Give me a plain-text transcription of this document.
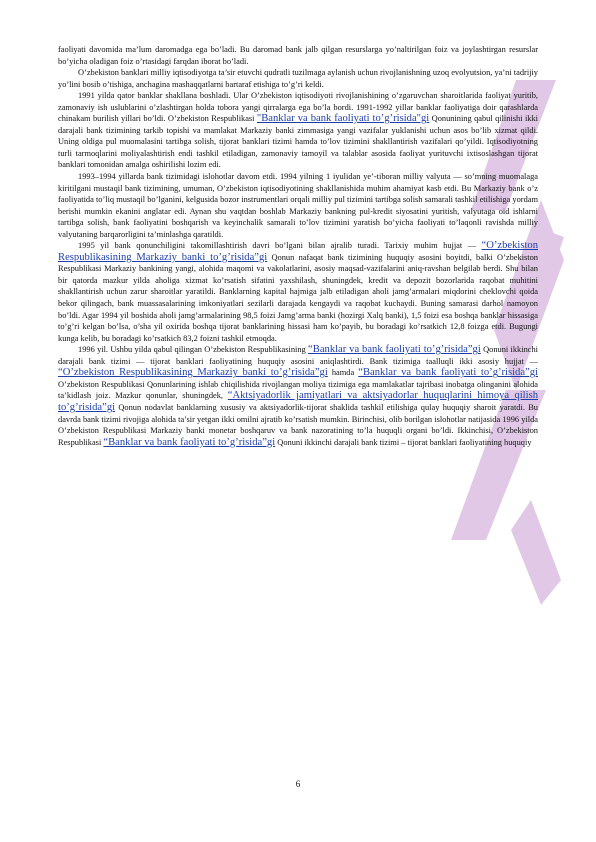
faoliyati davomida ma’lum daromadga ega bo’ladi. Bu daromad bank jalb qilgan resurslarga yo’naltirilgan foiz va joylashtirgan resurslar bo’yicha oladigan foiz o’rtasidagi farqdan iborat bo’ladi.

O’zbekiston banklari milliy iqtisodiyotga ta’sir etuvchi qudratli tuzilmaga aylanish uchun rivojlanishning uzoq evolyutsion, ya’ni tadrijiy yo’lini bosib o’tishiga, anchagina mashaqqatlarni bartaraf etishiga to’g’ri keldi.

1991 yilda qator banklar shakllana boshladi. Ular O’zbekiston iqtisodiyoti rivojlanishining o’zgaruvchan sharoitlarida faoliyat yuritib, zamonaviy ish uslublarini o’zlashtirgan holda tobora yangi qirralarga ega bo’la bordi. 1991-1992 yillar banklar faoliyatiga doir qarashlarda chinakam burilish yillari bo’ldi. O’zbekiston Respublikasi "Banklar va bank faoliyati to’g’risida"gi Qonunining qabul qilinishi ikki darajali bank tizimining tarkib topishi va mamlakat Markaziy banki zimmasiga yangi vazifalar yuklanishi uchun asos bo’lib xizmat qildi. Uning oldiga pul muomalasini tartibga solish, tijorat banklari tizimi hamda to’lov tizimini shakllantirish vazifalari qo’yildi. Iqtisodiyotning turli tarmoqlarini moliyalashtirish endi tashkil etiladigan, zamonaviy tamoyil va talablar asosida faoliyat yurituvchi ixtisoslashgan tijorat banklari tomonidan amalga oshirilishi lozim edi.

1993–1994 yillarda bank tizimidagi islohotlar davom etdi. 1994 yilning 1 iyulidan ye’-tiboran milliy valyuta — so’mning muomalaga kiritilgani mustaqil bank tizimining, umuman, O’zbekiston iqtisodiyotining shakllanishida muhim ahamiyat kasb etdi. Bu Markaziy bank o’z faoliyatida to’liq mustaqil bo’lganini, kelgusida bozor instrumentlari orqali milliy pul tizimini tartibga solish samarali tashkil etilishiga yordam berishi mumkin ekanini anglatar edi. Aynan shu vaqtdan boshlab Markaziy bankning pul-kredit siyosatini yuritish, valyutaga oid ishlarni tartibga solish, bank faoliyatini boshqarish va keyinchalik samarali to’lov tizimini yaratish bo’yicha faoliyati to’laqonli ravishda milliy valyutaning barqarorligini ta’minlashga qaratildi.

1995 yil bank qonunchiligini takomillashtirish davri bo’lgani bilan ajralib turadi. Tarixiy muhim hujjat — “O’zbekiston Respublikasining Markaziy banki to’g’risida”gi Qonun nafaqat bank tizimining huquqiy asosini boyitdi, balki O’zbekiston Respublikasi Markaziy bankining yangi, alohida maqomi va vakolatlarini, asosiy maqsad-vazifalarini aniq-ravshan belgilab berdi. Shu bilan bir qatorda mazkur yilda aholiga xizmat ko’rsatish sifatini yaxshilash, shuningdek, kredit va depozit bozorlarida raqobat muhitini shakllantirish uchun zarur sharoitlar yaratildi. Banklarning kapital hajmiga jalb etiladigan aholi jamg’armalari miqdorini cheklovchi qoida bekor qilingach, bank muassasalarining imkoniyatlari sezilarli darajada kengaydi va raqobat kuchaydi. Buning samarasi darhol namoyon bo’ldi. Agar 1994 yil boshida aholi jamg’armalarining 98,5 foizi Jamg’arma banki (hozirgi Xalq banki), 1,5 foizi esa boshqa banklar hissasiga to’g’ri kelgan bo’lsa, o’sha yil oxirida boshqa tijorat banklarining hissasi ham ko’payib, bu boradagi ko’rsatkich 12,8 foizga etdi. Bugungi kunga kelib, bu boradagi ko’rsatkich 83,2 foizni tashkil etmoqda.

1996 yil. Ushbu yilda qabul qilingan O’zbekiston Respublikasining “Banklar va bank faoliyati to’g’risida”gi Qonuni ikkinchi darajali bank tizimi — tijorat banklari faoliyatining huquqiy asosini aniqlashtirdi. Bank tizimiga taalluqli ikki asosiy hujjat — “O’zbekiston Respublikasining Markaziy banki to’g’risida”gi hamda “Banklar va bank faoliyati to’g’risida”gi O’zbekiston Respublikasi Qonunlarining ishlab chiqilishida rivojlangan moliya tizimiga ega mamlakatlar tajribasi inobatga olinganini alohida ta’kidlash joiz. Mazkur qonunlar, shuningdek, “Aktsiyadorlik jamiyatlari va aktsiyadorlar huquqlarini himoya qilish to’g’risida”gi Qonun nodavlat banklarning xususiy va aktsiyadorlik-tijorat shaklida tashkil etilishiga qulay huquqiy sharoit yaratdi. Bu davrda bank tizimi rivojiga alohida ta’sir yetgan ikki omilni ajratib ko’rsatish mumkin. Birinchisi, olib borilgan islohotlar natijasida 1996 yilda O’zbekiston Respublikasi Markaziy banki monetar boshqaruv va bank nazoratining to’la huquqli organi bo’ldi. Ikkinchisi, O’zbekiston Respublikasi “Banklar va bank faoliyati to’g’risida”gi Qonuni ikkinchi darajali bank tizimi – tijorat banklari faoliyatining huquqiy

6
